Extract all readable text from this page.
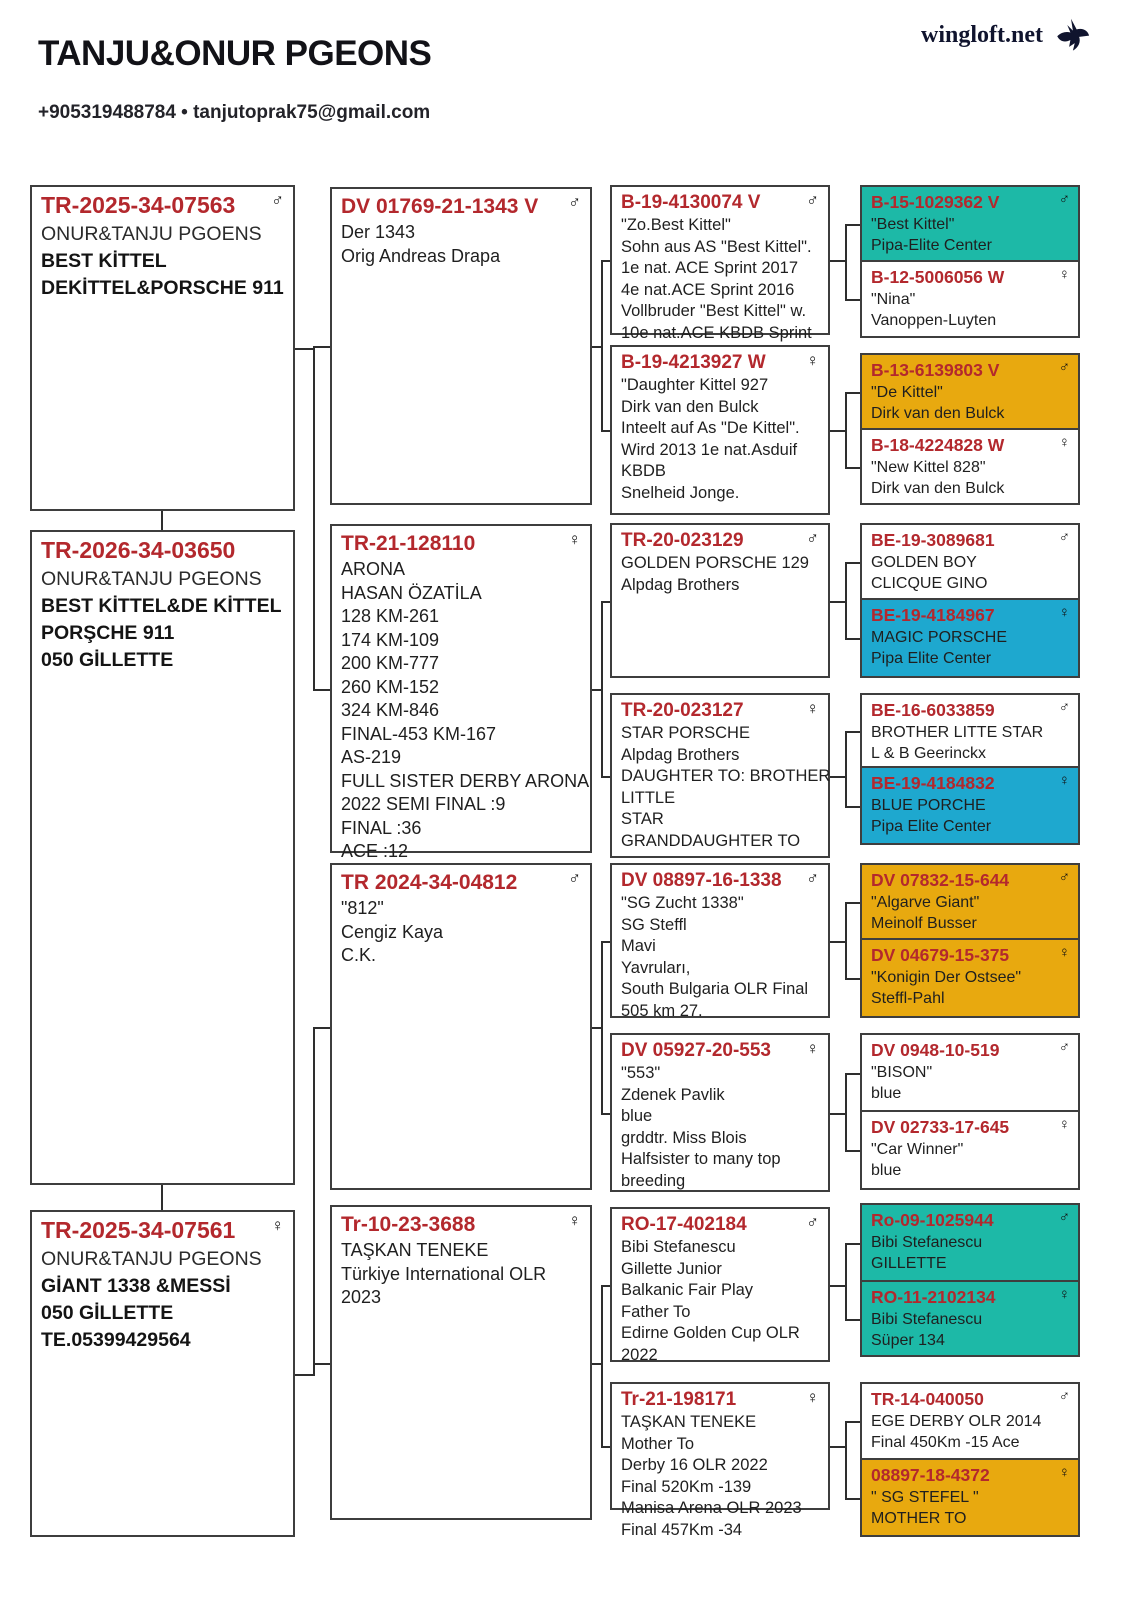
TANJU&ONUR PGEONS
+905319488784 • tanjutoprak75@gmail.com
wingloft.net
TR-2025-34-07563	♂
ONUR&TANJU PGOENS
BEST KİTTEL
DEKİTTEL&PORSCHE 911
TR-2026-34-03650
ONUR&TANJU PGEONS
BEST KİTTEL&DE KİTTEL
PORŞCHE 911
050 GİLLETTE
TR-2025-34-07561	♀
ONUR&TANJU PGEONS
GİANT 1338 &MESSİ
050 GİLLETTE
TE.05399429564
DV 01769-21-1343 V	♂
Der 1343
Orig Andreas Drapa
TR-21-128110	♀
ARONA
HASAN ÖZATİLA
128 KM-261
174 KM-109
200 KM-777
260 KM-152
324 KM-846
FINAL-453 KM-167
AS-219
FULL SISTER DERBY ARONA
2022 SEMI FINAL :9
FINAL :36
ACE :12
TR 2024-34-04812	♂
"812"
Cengiz Kaya
C.K.
Tr-10-23-3688	♀
TAŞKAN TENEKE
Türkiye International OLR
2023
B-19-4130074 V	♂
"Zo.Best Kittel"
Sohn aus AS "Best Kittel".
1e nat. ACE Sprint 2017
4e nat.ACE Sprint 2016
Vollbruder "Best Kittel" w.
10e nat.ACE KBDB Sprint
B-19-4213927 W	♀
"Daughter Kittel 927
Dirk van den Bulck
Inteelt auf As "De Kittel".
Wird 2013 1e nat.Asduif
KBDB
Snelheid Jonge.
TR-20-023129	♂
GOLDEN PORSCHE 129
Alpdag Brothers
TR-20-023127	♀
STAR PORSCHE
Alpdag Brothers
DAUGHTER TO: BROTHER
LITTLE
STAR
GRANDDAUGHTER TO
DV 08897-16-1338	♂
"SG Zucht 1338"
SG Steffl
Mavi
Yavruları,
South Bulgaria OLR Final
505 km 27.
DV 05927-20-553	♀
"553"
Zdenek Pavlik
blue
grddtr. Miss Blois
Halfsister to many top
breeding
RO-17-402184	♂
Bibi Stefanescu
Gillette Junior
Balkanic Fair Play
Father To
Edirne Golden Cup OLR
2022
Tr-21-198171	♀
TAŞKAN TENEKE
Mother To
Derby 16 OLR 2022
Final 520Km -139
Manisa Arena OLR 2023
Final 457Km -34
B-15-1029362 V	♂
"Best Kittel"
Pipa-Elite Center
B-12-5006056 W	♀
"Nina"
Vanoppen-Luyten
B-13-6139803 V	♂
"De Kittel"
Dirk van den Bulck
B-18-4224828 W	♀
"New Kittel 828"
Dirk van den Bulck
BE-19-3089681	♂
GOLDEN BOY
CLICQUE GINO
BE-19-4184967	♀
MAGIC PORSCHE
Pipa Elite Center
BE-16-6033859	♂
BROTHER LITTE STAR
L & B Geerinckx
BE-19-4184832	♀
BLUE PORCHE
Pipa Elite Center
DV 07832-15-644	♂
"Algarve Giant"
Meinolf Busser
DV 04679-15-375	♀
"Konigin Der Ostsee"
Steffl-Pahl
DV 0948-10-519	♂
"BISON"
blue
DV 02733-17-645	♀
"Car Winner"
blue
Ro-09-1025944	♂
Bibi Stefanescu
GILLETTE
RO-11-2102134	♀
Bibi Stefanescu
Süper 134
TR-14-040050	♂
EGE DERBY OLR 2014
Final 450Km -15 Ace
08897-18-4372	♀
" SG STEFEL "
MOTHER TO
